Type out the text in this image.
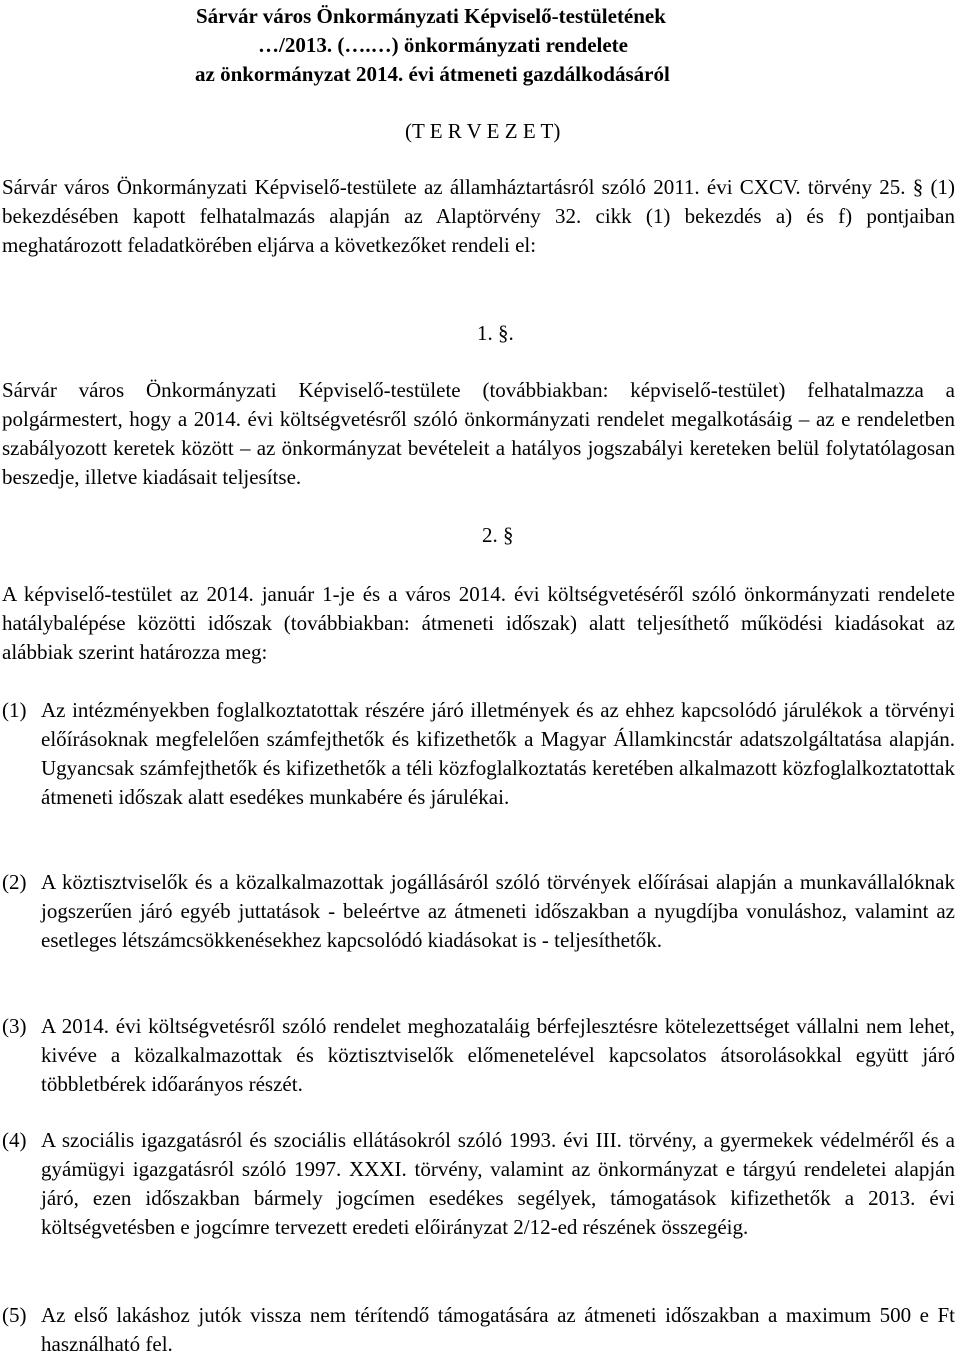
Sárvár város Önkormányzati Képviselő-testületének
…/2013. (….…) önkormányzati rendelete
az önkormányzat 2014. évi átmeneti gazdálkodásáról
(T E R V E Z E T)
Sárvár város Önkormányzati Képviselő-testülete az államháztartásról szóló 2011. évi CXCV. törvény 25. § (1) bekezdésében kapott felhatalmazás alapján az Alaptörvény 32. cikk (1) bekezdés a) és f) pontjaiban meghatározott feladatkörében eljárva a következőket rendeli el:
1. §.
Sárvár város Önkormányzati Képviselő-testülete (továbbiakban: képviselő-testület) felhatalmazza a polgármestert, hogy a 2014. évi költségvetésről szóló önkormányzati rendelet megalkotásáig – az e rendeletben szabályozott keretek között – az önkormányzat bevételeit a hatályos jogszabályi kereteken belül folytatólagosan beszedje, illetve kiadásait teljesítse.
2. §
A képviselő-testület az 2014. január 1-je és a város 2014. évi költségvetéséről szóló önkormányzati rendelete hatálybalépése közötti időszak (továbbiakban: átmeneti időszak) alatt teljesíthető működési kiadásokat az alábbiak szerint határozza meg:
(1) Az intézményekben foglalkoztatottak részére járó illetmények és az ehhez kapcsolódó járulékok a törvényi előírásoknak megfelelően számfejthetők és kifizethetők a Magyar Államkincstár adatszolgáltatása alapján. Ugyancsak számfejthetők és kifizethetők a téli közfoglalkoztatás keretében alkalmazott közfoglalkoztatottak átmeneti időszak alatt esedékes munkabére és járulékai.
(2) A köztisztviselők és a közalkalmazottak jogállásáról szóló törvények előírásai alapján a munkavállalóknak jogszerűen járó egyéb juttatások - beleértve az átmeneti időszakban a nyugdíjba vonuláshoz, valamint az esetleges létszámcsökkenésekhez kapcsolódó kiadásokat is - teljesíthetők.
(3) A 2014. évi költségvetésről szóló rendelet meghozataláig bérfejlesztésre kötelezettséget vállalni nem lehet, kivéve a közalkalmazottak és köztisztviselők előmenetelével kapcsolatos átsorolásokkal együtt járó többletbérek időarányos részét.
(4) A szociális igazgatásról és szociális ellátásokról szóló 1993. évi III. törvény, a gyermekek védelméről és a gyámügyi igazgatásról szóló 1997. XXXI. törvény, valamint az önkormányzat e tárgyú rendeletei alapján járó, ezen időszakban bármely jogcímen esedékes segélyek, támogatások kifizethetők a 2013. évi költségvetésben e jogcímre tervezett eredeti előirányzat 2/12-ed részének összegéig.
(5) Az első lakáshoz jutók vissza nem térítendő támogatására az átmeneti időszakban a maximum 500 e Ft használható fel.
